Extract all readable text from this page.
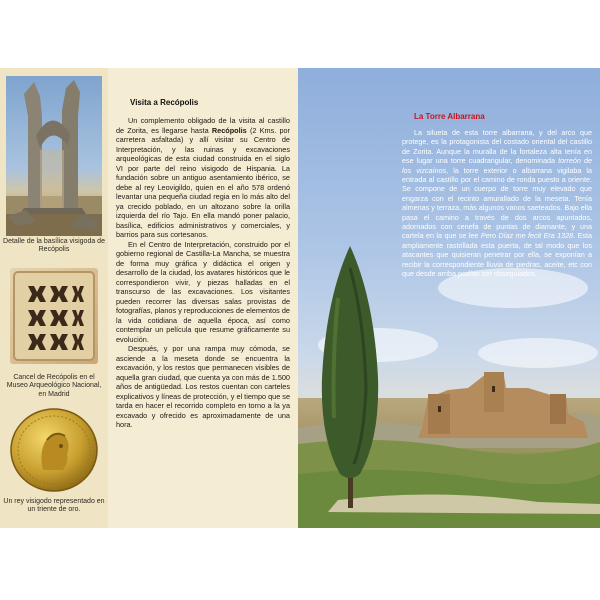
Detalle de la basílica visigoda de Recópolis
Cancel de Recópolis en el Museo Arqueológico Nacional, en Madrid
Un rey visigodo representado en un triente de oro.
Visita a Recópolis

Un complemento obligado de la visita al castillo de Zorita, es llegarse hasta Recópolis (2 Kms. por carretera asfaltada) y allí visitar su Centro de Interpretación, y las ruinas y excavaciones arqueológicas de esta ciudad construida en el siglo VI por parte del reino visigodo de Hispania. La fundación sobre un antiguo asentamiento ibérico, se debe al rey Leovigildo, quien en el año 578 ordenó levantar una pequeña ciudad regia en lo más alto del ya crecido poblado, en un altozano sobre la orilla izquierda del río Tajo. En ella mandó poner palacio, basílica, edificios administrativos y comerciales, y barrios para sus cortesanos.

En el Centro de Interpretación, construido por el gobierno regional de Castilla-La Mancha, se muestra de forma muy gráfica y didáctica el origen y desarrollo de la ciudad, los avatares históricos que le correspondieron vivir, y piezas halladas en el transcurso de las excavaciones. Los visitantes pueden recorrer las diversas salas provistas de fotografías, planos y reproducciones de elementos de la vida cotidiana de aquella época, así como contemplar un película que resume gráficamente su evolución.

Después, y por una rampa muy cómoda, se asciende a la meseta donde se encuentra la excavación, y los restos que permanecen visibles de aquella gran ciudad, que cuenta ya con más de 1.500 años de antigüedad. Los restos cuentan con carteles explicativos y líneas de protección, y el tiempo que se tarda en hacer el recorrido completo en torno a la ya excavado y ofrecido es aproximadamente de una hora.

La Torre Albarrana
La silueta de esta torre albarrana, y del arco que protege, es la protagonista del costado oriental del castillo de Zorita. Aunque la muralla de la fortaleza alta tenía en ese lugar una torre cuadrangular, denominada torreón de los vizcaínos, la torre exterior o albarrana vigilaba la entrada al castillo por el camino de ronda puesto a oriente. Se compone de un cuerpo de torre muy elevado que engarza con el recinto amurallado de la meseta. Tenía almenas y terraza, más algunos vanos saeteados. Bajo ella pasa el camino a través de dos arcos apuntados, adornados con cenefa de puntas de diamante, y una cartela en la que se lee Pero Díaz me fecit Era 1328. Esta ampliamente rastrillada esta puerta, de tal modo que los atacantes que quisieran penetrar por ella, se exponían a recibir la correspondiente lluvia de piedras, aceite, etc con que desde arriba podían ser obsequiados.
